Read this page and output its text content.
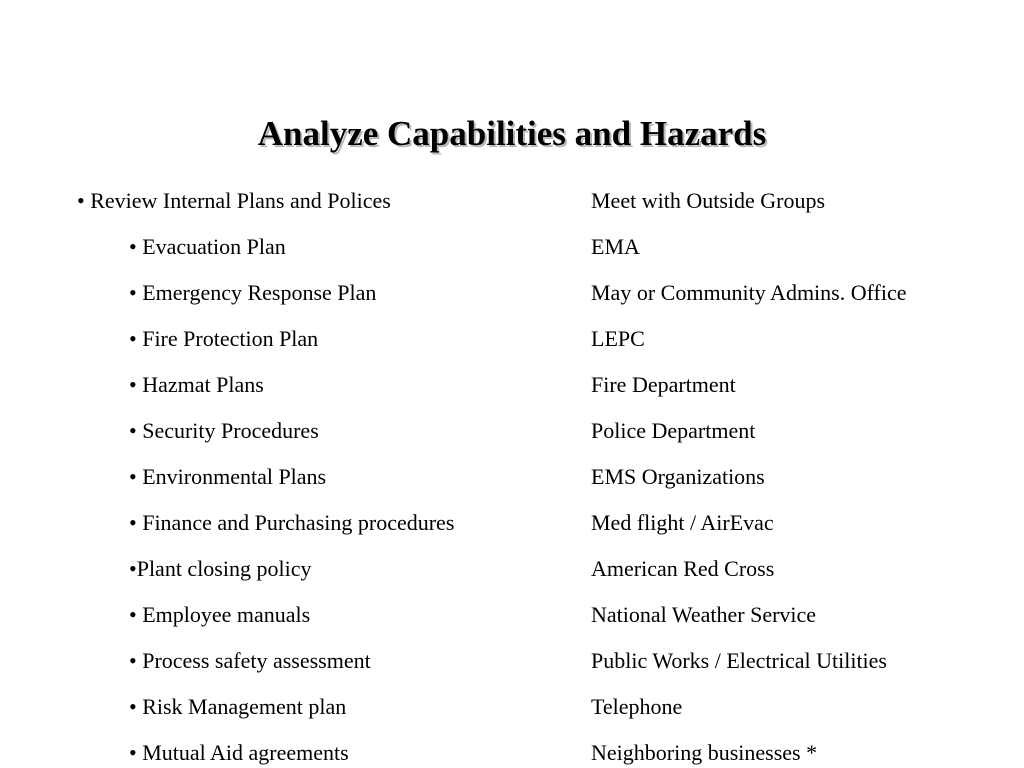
Analyze Capabilities and Hazards
• Review Internal Plans and Polices
• Evacuation Plan
• Emergency Response Plan
• Fire Protection Plan
• Hazmat Plans
• Security Procedures
• Environmental Plans
• Finance and Purchasing procedures
•Plant closing policy
• Employee manuals
• Process safety assessment
• Risk Management plan
• Mutual Aid agreements
Meet with Outside Groups
EMA
May or Community Admins. Office
LEPC
Fire Department
Police Department
EMS Organizations
Med flight / AirEvac
American Red Cross
National Weather Service
Public Works / Electrical Utilities
Telephone
Neighboring businesses *
